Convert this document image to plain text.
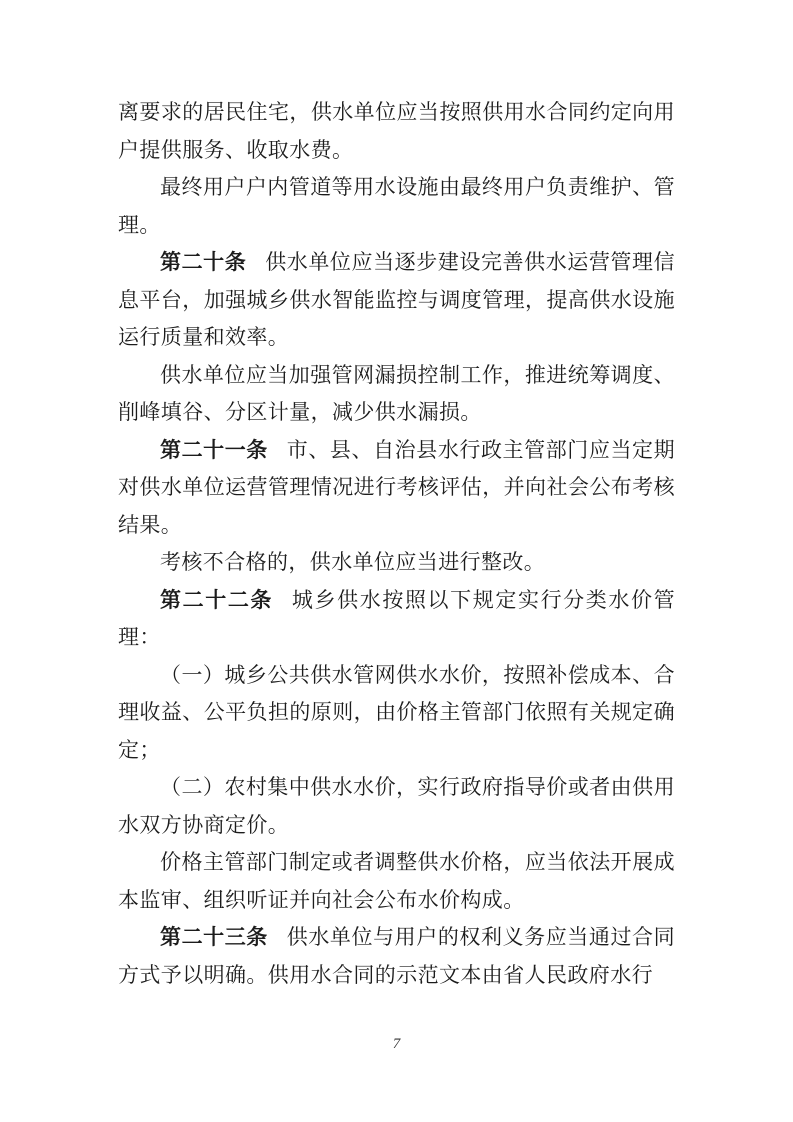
离要求的居民住宅，供水单位应当按照供用水合同约定向用户提供服务、收取水费。

最终用户户内管道等用水设施由最终用户负责维护、管理。

第二十条 供水单位应当逐步建设完善供水运营管理信息平台，加强城乡供水智能监控与调度管理，提高供水设施运行质量和效率。

供水单位应当加强管网漏损控制工作，推进统筹调度、削峰填谷、分区计量，减少供水漏损。

第二十一条 市、县、自治县水行政主管部门应当定期对供水单位运营管理情况进行考核评估，并向社会公布考核结果。

考核不合格的，供水单位应当进行整改。

第二十二条 城乡供水按照以下规定实行分类水价管理：

（一）城乡公共供水管网供水水价，按照补偿成本、合理收益、公平负担的原则，由价格主管部门依照有关规定确定；

（二）农村集中供水水价，实行政府指导价或者由供用水双方协商定价。

价格主管部门制定或者调整供水价格，应当依法开展成本监审、组织听证并向社会公布水价构成。

第二十三条 供水单位与用户的权利义务应当通过合同方式予以明确。供用水合同的示范文本由省人民政府水行

7
